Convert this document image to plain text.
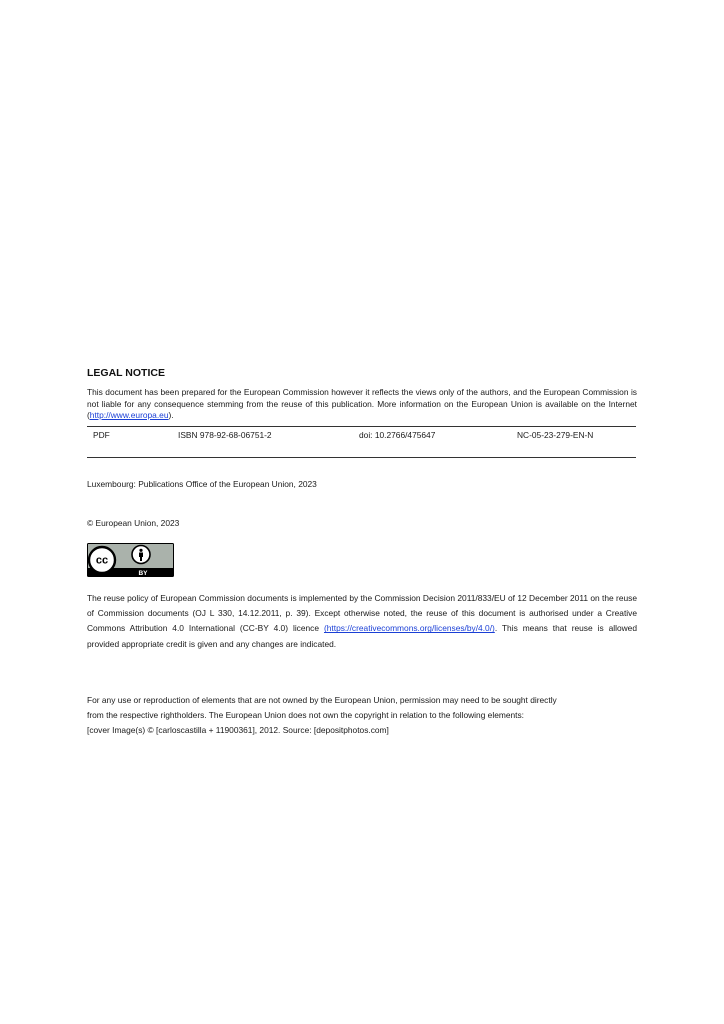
LEGAL NOTICE
This document has been prepared for the European Commission however it reflects the views only of the authors, and the European Commission is not liable for any consequence stemming from the reuse of this publication. More information on the European Union is available on the Internet (http://www.europa.eu).
PDF	ISBN 978-92-68-06751-2	doi: 10.2766/475647	NC-05-23-279-EN-N
Luxembourg: Publications Office of the European Union, 2023
© European Union, 2023
cc
BY
The reuse policy of European Commission documents is implemented by the Commission Decision 2011/833/EU of 12 December 2011 on the reuse of Commission documents (OJ L 330, 14.12.2011, p. 39). Except otherwise noted, the reuse of this document is authorised under a Creative Commons Attribution 4.0 International (CC-BY 4.0) licence (https://creativecommons.org/licenses/by/4.0/). This means that reuse is allowed provided appropriate credit is given and any changes are indicated.

For any use or reproduction of elements that are not owned by the European Union, permission may need to be sought directly

from the respective rightholders. The European Union does not own the copyright in relation to the following elements:

[cover Image(s) © [carloscastilla + 11900361], 2012. Source: [depositphotos.com]
